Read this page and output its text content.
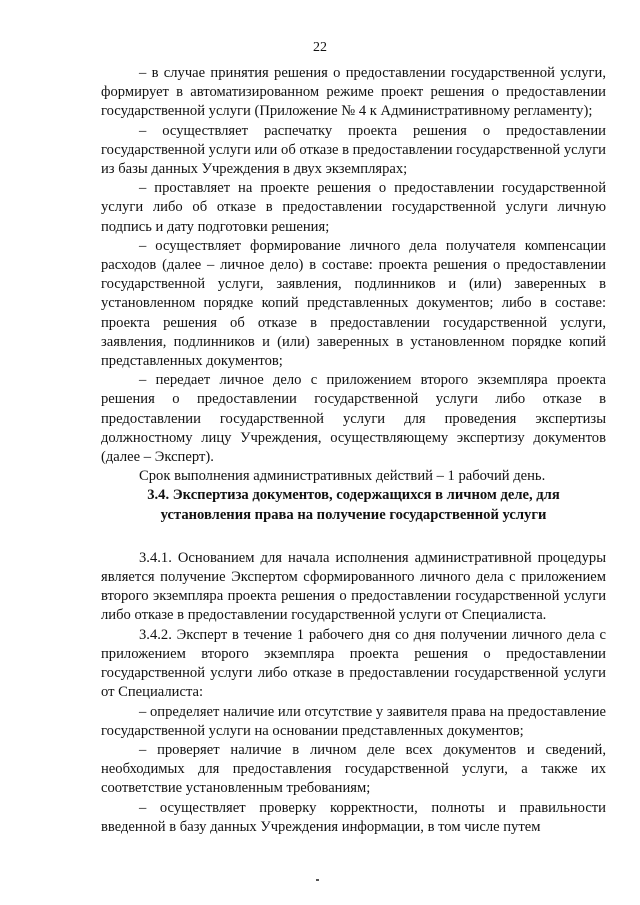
22

– в случае принятия решения о предоставлении государственной услуги, формирует в автоматизированном режиме проект решения о предоставлении государственной услуги (Приложение № 4 к Административному регламенту);

– осуществляет распечатку проекта решения о предоставлении государственной услуги или об отказе в предоставлении государственной услуги из базы данных Учреждения в двух экземплярах;

– проставляет на проекте решения о предоставлении государственной услуги либо об отказе в предоставлении государственной услуги личную подпись и дату подготовки решения;

– осуществляет формирование личного дела получателя компенсации расходов (далее – личное дело) в составе: проекта решения о предоставлении государственной услуги, заявления, подлинников и (или) заверенных в установленном порядке копий представленных документов; либо в составе: проекта решения об отказе в предоставлении государственной услуги, заявления, подлинников и (или) заверенных в установленном порядке копий представленных документов;

– передает личное дело с приложением второго экземпляра проекта решения о предоставлении государственной услуги либо отказе в предоставлении государственной услуги для проведения экспертизы должностному лицу Учреждения, осуществляющему экспертизу документов (далее – Эксперт).

Срок выполнения административных действий – 1 рабочий день.

3.4. Экспертиза документов, содержащихся в личном деле, для установления права на получение государственной услуги

3.4.1. Основанием для начала исполнения административной процедуры является получение Экспертом сформированного личного дела с приложением второго экземпляра проекта решения о предоставлении государственной услуги либо отказе в предоставлении государственной услуги от Специалиста.

3.4.2. Эксперт в течение 1 рабочего дня со дня получении личного дела с приложением второго экземпляра проекта решения о предоставлении государственной услуги либо отказе в предоставлении государственной услуги от Специалиста:

– определяет наличие или отсутствие у заявителя права на предоставление государственной услуги на основании представленных документов;

– проверяет наличие в личном деле всех документов и сведений, необходимых для предоставления государственной услуги, а также их соответствие установленным требованиям;

– осуществляет проверку корректности, полноты и правильности введенной в базу данных Учреждения информации, в том числе путем
